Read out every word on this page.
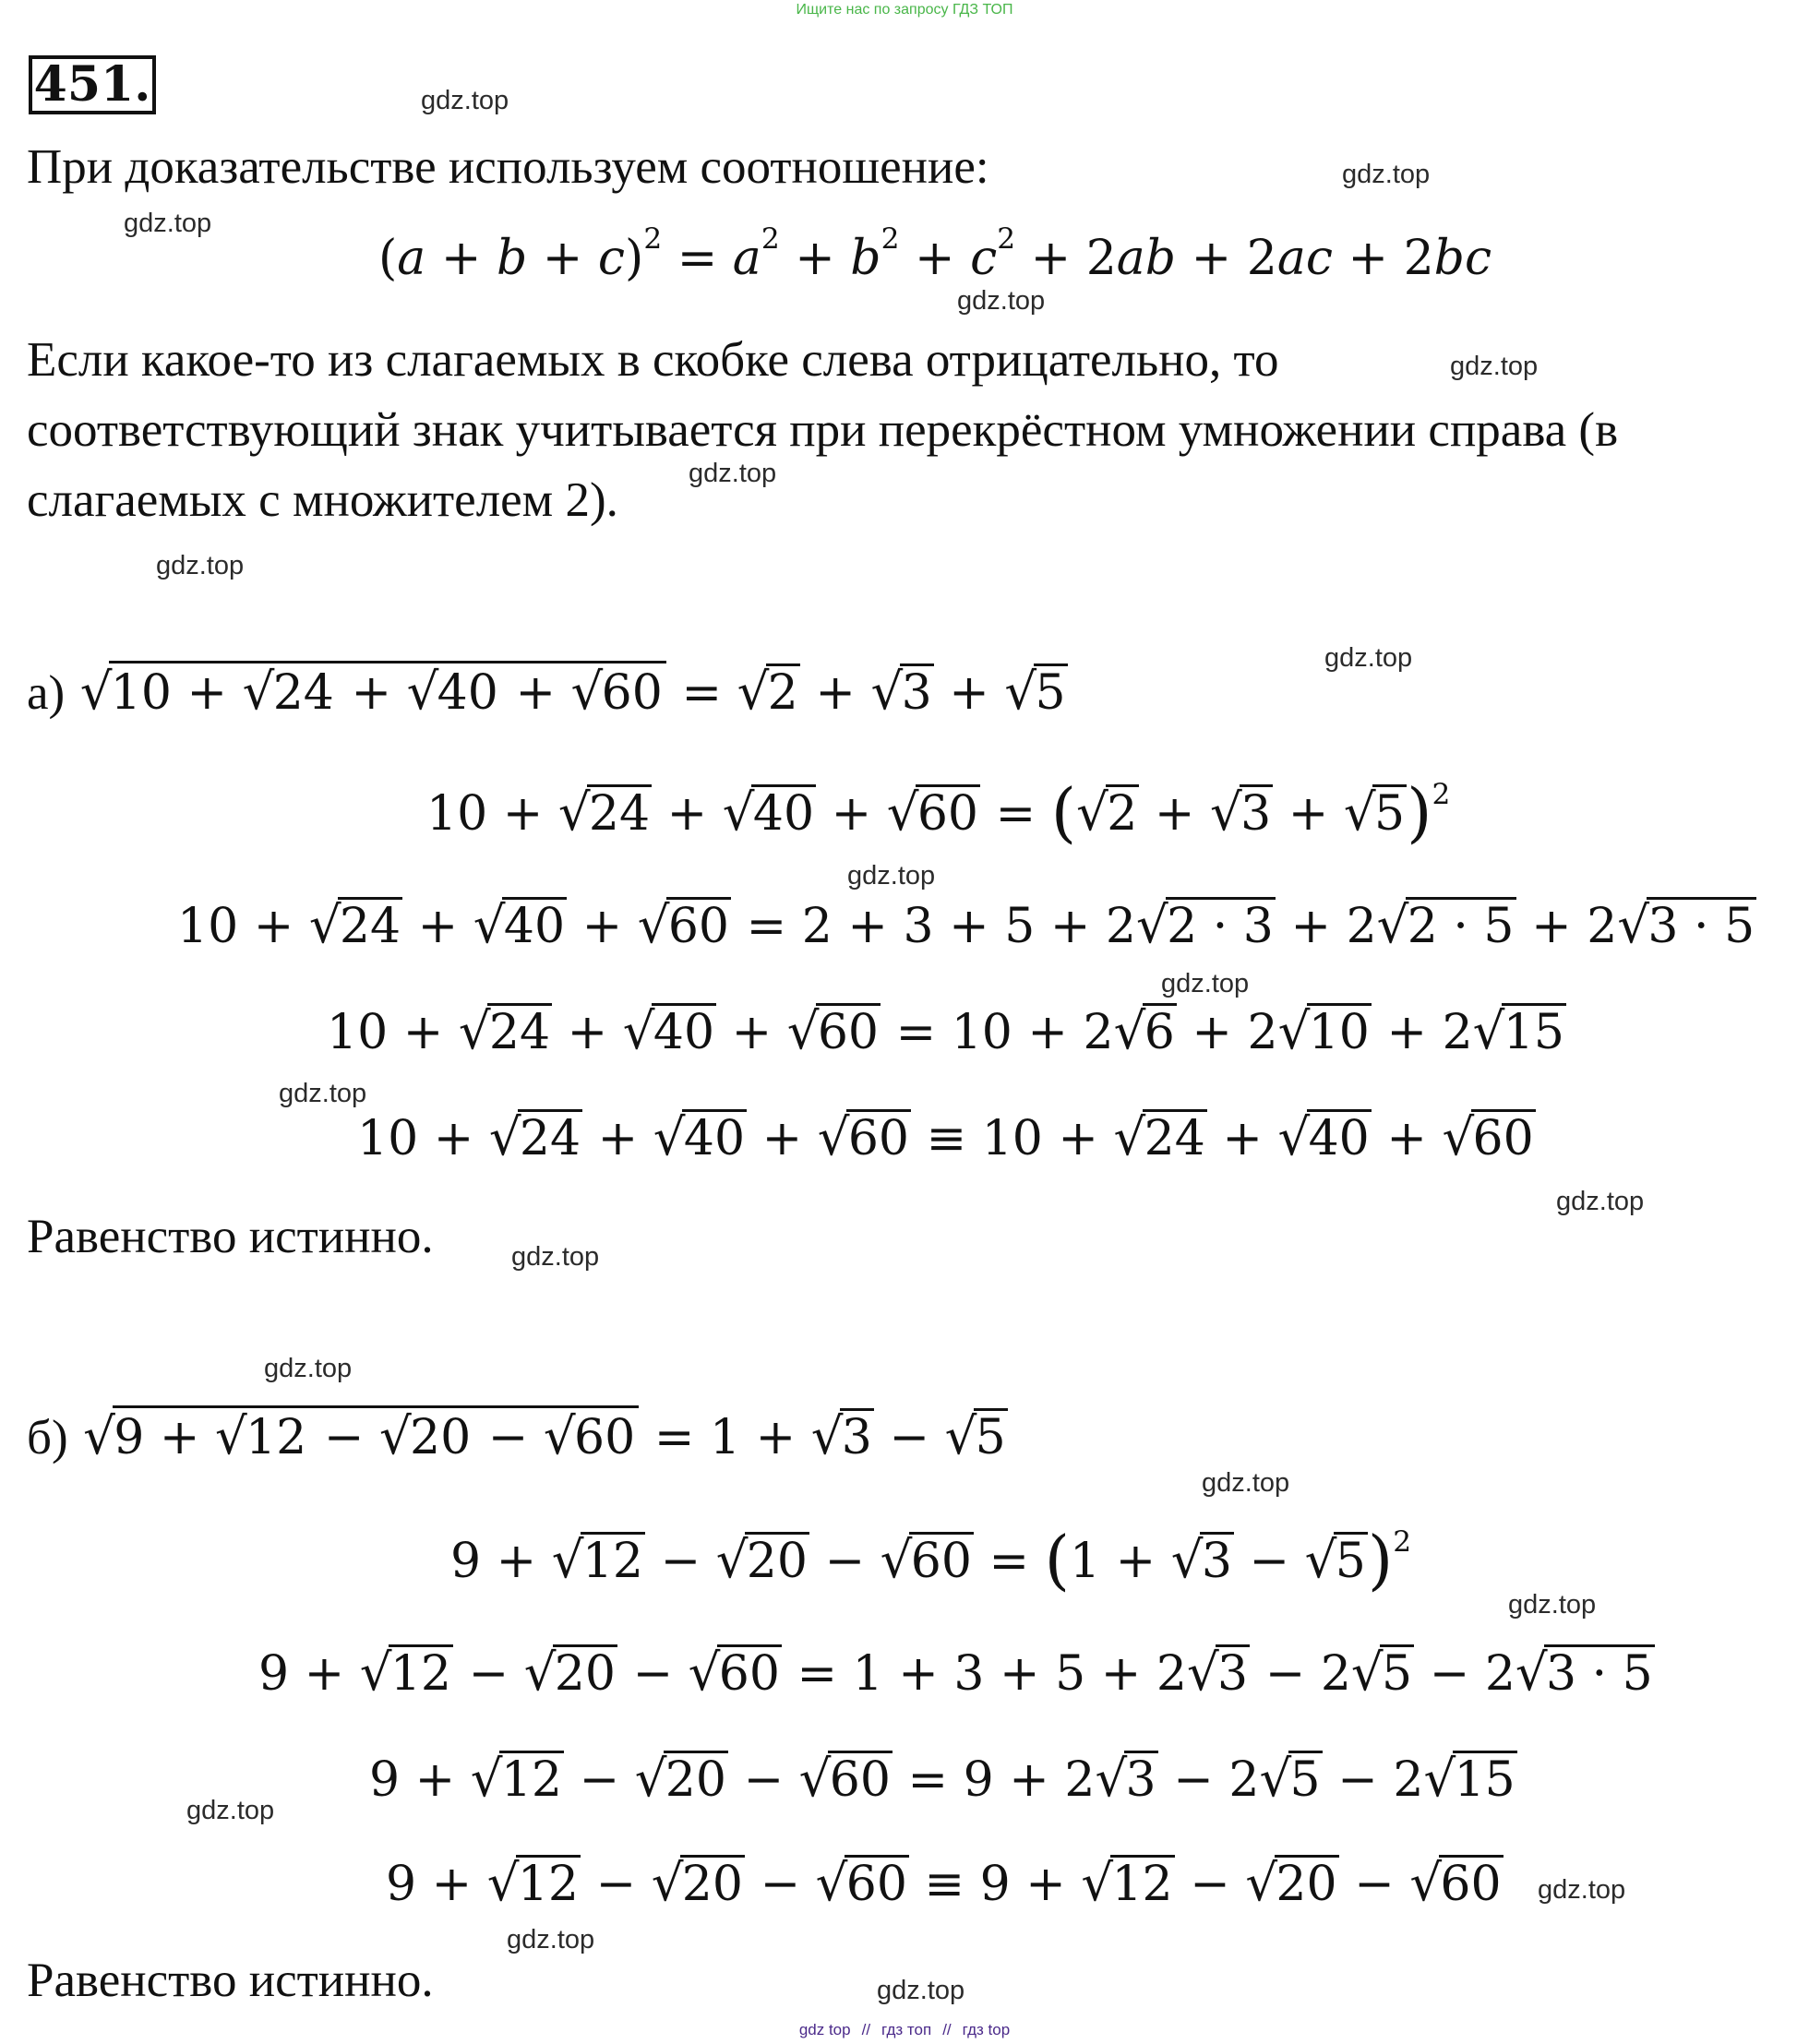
Ищите нас по запросу ГДЗ ТОП
451.	gdz.top
gdz.top
gdz.top
gdz.top
gdz.top
gdz.top
gdz.top
gdz.top
gdz.top
gdz.top
gdz.top
gdz.top
gdz.top
gdz.top
gdz.top
gdz.top
gdz.top
gdz.top
gdz.top
gdz.top
При доказательстве используем соотношение:
$(a + b + c)^2 = a^2 + b^2 + c^2 + 2ab + 2ac + 2bc$
Если какое-то из слагаемых в скобке слева отрицательно, то
соответствующий знак учитывается при перекрёстном умножении справа (в
слагаемых с множителем 2).
а) √10 + √24 + √40 + √60 = √2 + √3 + √5
$10 + √24 + √40 + √60 = (√2 + √3 + √5)^2$
10 + √24 + √40 + √60 = 2 + 3 + 5 + 2√2 · 3 + 2√2 · 5 + 2√3 · 5
10 + √24 + √40 + √60 = 10 + 2√6 + 2√10 + 2√15
10 + √24 + √40 + √60 ≡ 10 + √24 + √40 + √60
Равенство истинно.
б) √9 + √12 − √20 − √60 = 1 + √3 − √5
$9 + √12 - √20 - √60 = (1 + √3 - √5)^2$
9 + √12 − √20 − √60 = 1 + 3 + 5 + 2√3 − 2√5 − 2√3 · 5
9 + √12 − √20 − √60 = 9 + 2√3 − 2√5 − 2√15
9 + √12 − √20 − √60 ≡ 9 + √12 − √20 − √60
Равенство истинно.
gdz top // гдз топ // гдз top
